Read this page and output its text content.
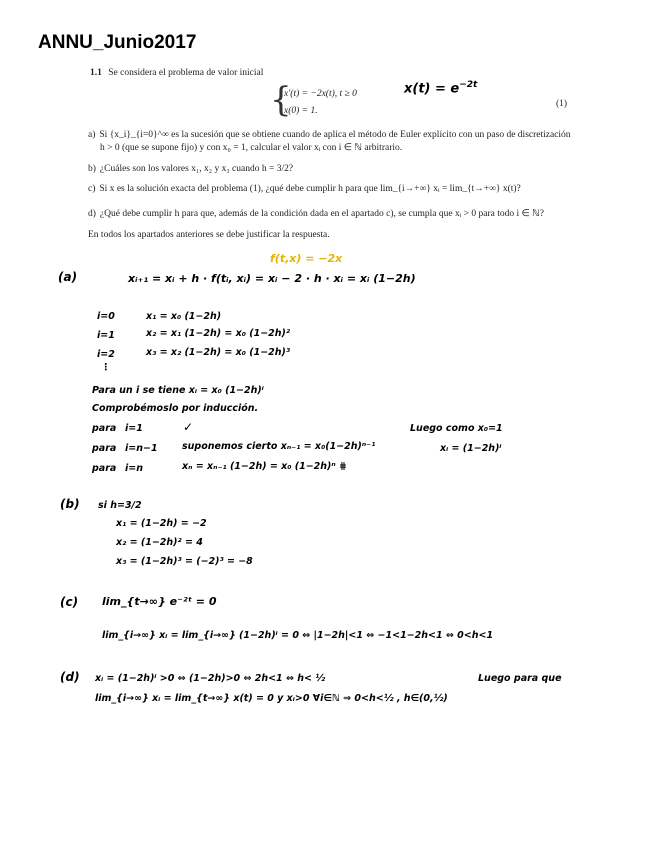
ANNU_Junio2017
1.1 Se considera el problema de valor inicial
{
x′(t) = −2x(t), t ≥ 0
x(0) = 1.
(1)
$x(t) = e^{-2t}$
a) Si {x_i}_{i=0}^∞ es la sucesión que se obtiene cuando de aplica el método de Euler explícito con un paso de discretización
h > 0 (que se supone fijo) y con x₀ = 1, calcular el valor xᵢ con i ∈ ℕ arbitrario.
b) ¿Cuáles son los valores x₁, x₂ y x₃ cuando h = 3/2?
c) Si x es la solución exacta del problema (1), ¿qué debe cumplir h para que lim_{i→+∞} xᵢ = lim_{t→+∞} x(t)?
d) ¿Qué debe cumplir h para que, además de la condición dada en el apartado c), se cumpla que xᵢ > 0 para todo i ∈ ℕ?
En todos los apartados anteriores se debe justificar la respuesta.
f(t,x) = −2x
(a)	xᵢ₊₁ = xᵢ + h · f(tᵢ, xᵢ) = xᵢ − 2 · h · xᵢ = xᵢ (1−2h)
i=0	x₁ = x₀ (1−2h)
i=1	x₂ = x₁ (1−2h) = x₀ (1−2h)²
i=2	x₃ = x₂ (1−2h) = x₀ (1−2h)³
⋮
Para un i se tiene xᵢ = x₀ (1−2h)ⁱ
Comprobémoslo por inducción.
para i=1	✓
para i=n−1	suponemos cierto xₙ₋₁ = x₀(1−2h)ⁿ⁻¹
para i=n	xₙ = xₙ₋₁ (1−2h) = x₀ (1−2h)ⁿ ⋕
Luego como x₀=1
xᵢ = (1−2h)ⁱ
(b) si h=3/2
x₁ = (1−2h) = −2
x₂ = (1−2h)² = 4
x₃ = (1−2h)³ = (−2)³ = −8
(c) lim_{t→∞} e⁻²ᵗ = 0
lim_{i→∞} xᵢ = lim_{i→∞} (1−2h)ⁱ = 0 ⇔ |1−2h|<1 ⇔ −1<1−2h<1 ⇔ 0<h<1
(d) xᵢ = (1−2h)ⁱ >0 ⇔ (1−2h)>0 ⇔ 2h<1 ⇔ h< ½	Luego para que
lim_{i→∞} xᵢ = lim_{t→∞} x(t) = 0 y xᵢ>0 ∀i∈ℕ ⇒ 0<h<½ , h∈(0,½)
